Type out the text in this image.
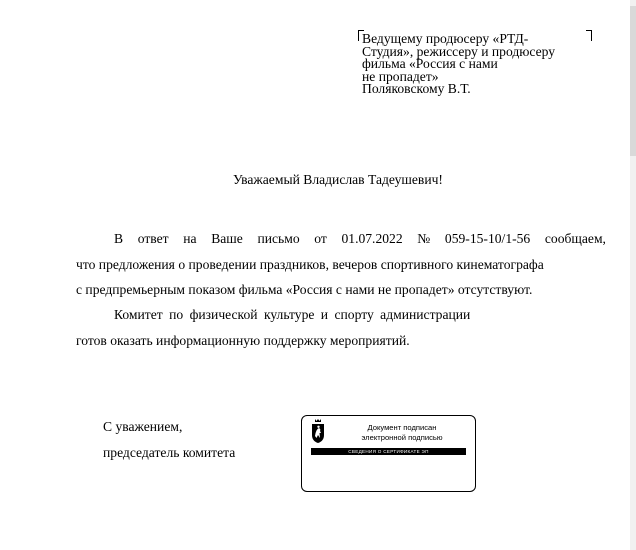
Ведущему продюсеру «РТД-
Студия», режиссеру и продюсеру
фильма «Россия с нами
не пропадет»
Поляковскому В.Т.
Уважаемый Владислав Тадеушевич!
В ответ на Ваше письмо от 01.07.2022 № 059-15-10/1-56 сообщаем,
что предложения о проведении праздников, вечеров спортивного кинематографа
с предпремьерным показом фильма «Россия с нами не пропадет» отсутствуют.
Комитет по физической культуре и спорту администрации
готов оказать информационную поддержку мероприятий.
С уважением,
председатель комитета
Документ подписан
электронной подписью
СВЕДЕНИЯ О СЕРТИФИКАТЕ ЭП
